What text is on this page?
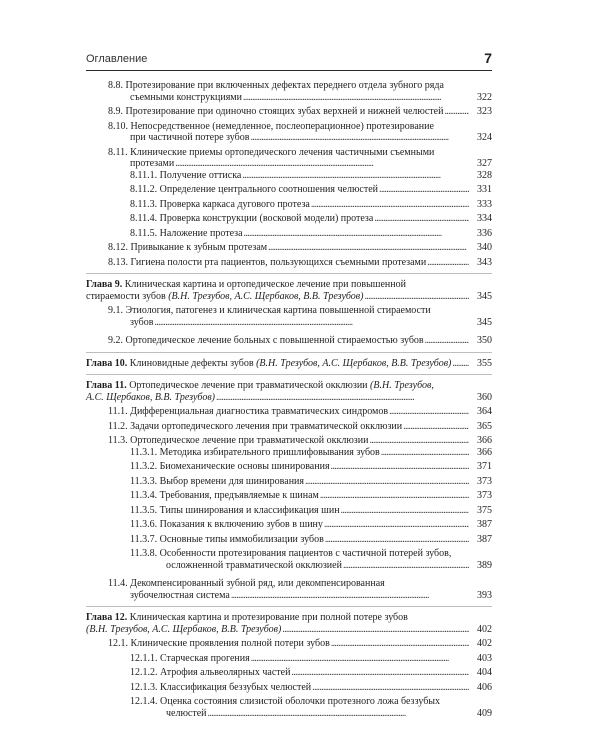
Оглавление	7
8.8. Протезирование при включенных дефектах переднего отдела зубного ряда
съемными конструкциями . . .	322
8.9. Протезирование при одиночно стоящих зубах верхней и нижней челюстей . . .	323
8.10. Непосредственное (немедленное, послеоперационное) протезирование
при частичной потере зубов . . .	324
8.11. Клинические приемы ортопедического лечения частичными съемными
протезами . . .	327
8.11.1. Получение оттиска . . .	328
8.11.2. Определение центрального соотношения челюстей . . .	331
8.11.3. Проверка каркаса дугового протеза . . .	333
8.11.4. Проверка конструкции (восковой модели) протеза . . .	334
8.11.5. Наложение протеза . . .	336
8.12. Привыкание к зубным протезам . . .	340
8.13. Гигиена полости рта пациентов, пользующихся съемными протезами . . .	343
Глава 9. Клиническая картина и ортопедическое лечение при повышенной
стираемости зубов (В.Н. Трезубов, А.С. Щербаков, В.В. Трезубов) . . .	345
9.1. Этиология, патогенез и клиническая картина повышенной стираемости
зубов . . .	345
9.2. Ортопедическое лечение больных с повышенной стираемостью зубов . . .	350
Глава 10. Клиновидные дефекты зубов (В.Н. Трезубов, А.С. Щербаков, В.В. Трезубов) . . .	355
Глава 11. Ортопедическое лечение при травматической окклюзии (В.Н. Трезубов,
А.С. Щербаков, В.В. Трезубов) . . .	360
11.1. Дифференциальная диагностика травматических синдромов . . .	364
11.2. Задачи ортопедического лечения при травматической окклюзии . . .	365
11.3. Ортопедическое лечение при травматической окклюзии . . .	366
11.3.1. Методика избирательного пришлифовывания зубов . . .	366
11.3.2. Биомеханические основы шинирования . . .	371
11.3.3. Выбор времени для шинирования . . .	373
11.3.4. Требования, предъявляемые к шинам . . .	373
11.3.5. Типы шинирования и классификация шин . . .	375
11.3.6. Показания к включению зубов в шину . . .	387
11.3.7. Основные типы иммобилизации зубов . . .	387
11.3.8. Особенности протезирования пациентов с частичной потерей зубов,
осложненной травматической окклюзией . . .	389
11.4. Декомпенсированный зубной ряд, или декомпенсированная
зубочелюстная система . . .	393
Глава 12. Клиническая картина и протезирование при полной потере зубов
(В.Н. Трезубов, А.С. Щербаков, В.В. Трезубов) . . .	402
12.1. Клинические проявления полной потери зубов . . .	402
12.1.1. Старческая прогения . . .	403
12.1.2. Атрофия альвеолярных частей . . .	404
12.1.3. Классификация беззубых челюстей . . .	406
12.1.4. Оценка состояния слизистой оболочки протезного ложа беззубых
челюстей . . .	409
